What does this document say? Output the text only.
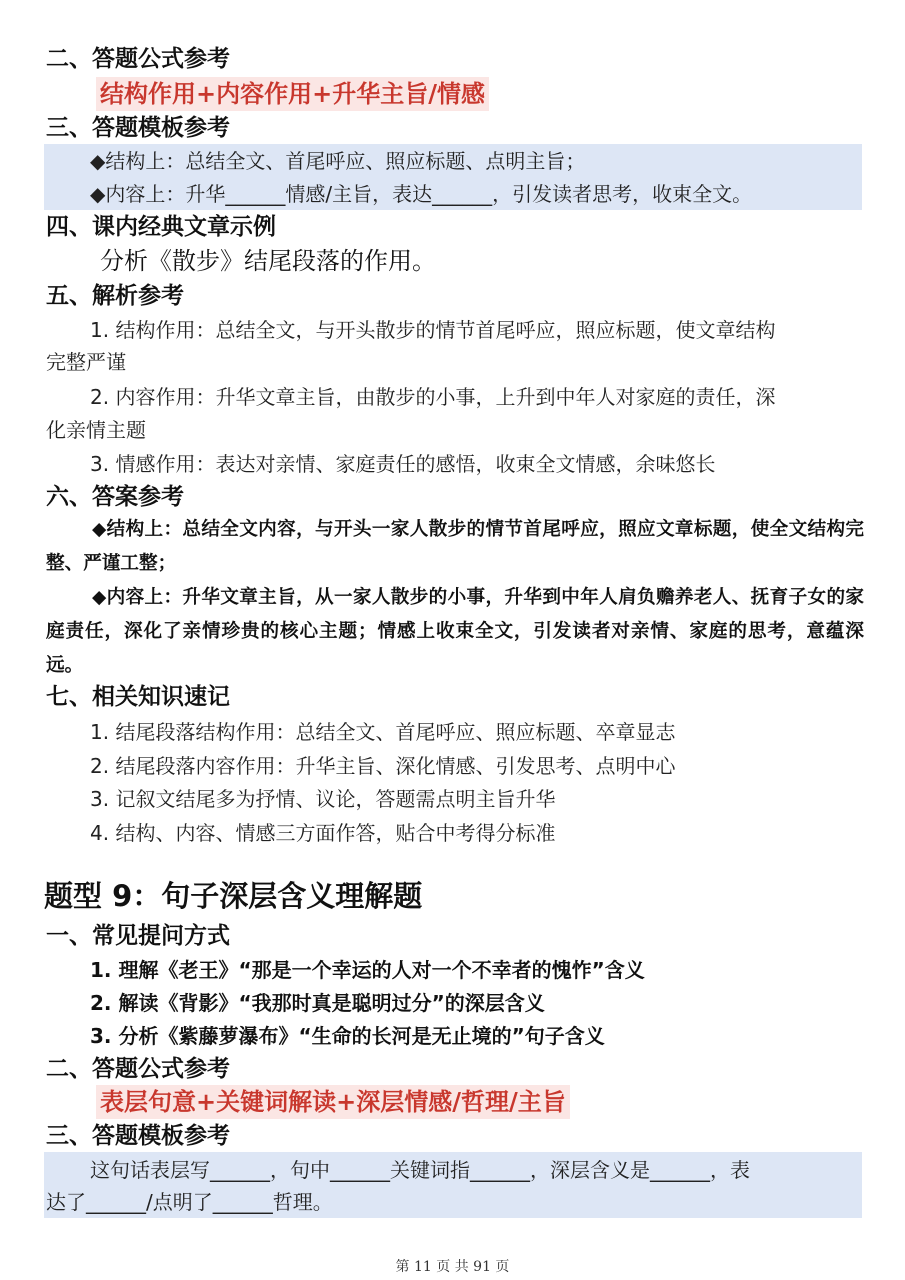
二、答题公式参考
结构作用+内容作用+升华主旨/情感
三、答题模板参考
◆结构上：总结全文、首尾呼应、照应标题、点明主旨；
◆内容上：升华______情感/主旨，表达______，引发读者思考，收束全文。
四、课内经典文章示例
分析《散步》结尾段落的作用。
五、解析参考
1. 结构作用：总结全文，与开头散步的情节首尾呼应，照应标题，使文章结构
完整严谨
2. 内容作用：升华文章主旨，由散步的小事，上升到中年人对家庭的责任，深
化亲情主题
3. 情感作用：表达对亲情、家庭责任的感悟，收束全文情感，余味悠长
六、答案参考
◆结构上：总结全文内容，与开头一家人散步的情节首尾呼应，照应文章标题，使全文结构完整、严谨工整；
◆内容上：升华文章主旨，从一家人散步的小事，升华到中年人肩负赡养老人、抚育子女的家庭责任，深化了亲情珍贵的核心主题；情感上收束全文，引发读者对亲情、家庭的思考，意蕴深远。
七、相关知识速记
1. 结尾段落结构作用：总结全文、首尾呼应、照应标题、卒章显志
2. 结尾段落内容作用：升华主旨、深化情感、引发思考、点明中心
3. 记叙文结尾多为抒情、议论，答题需点明主旨升华
4. 结构、内容、情感三方面作答，贴合中考得分标准
题型 9：句子深层含义理解题
一、常见提问方式
1. 理解《老王》“那是一个幸运的人对一个不幸者的愧怍”含义
2. 解读《背影》“我那时真是聪明过分”的深层含义
3. 分析《紫藤萝瀑布》“生命的长河是无止境的”句子含义
二、答题公式参考
表层句意+关键词解读+深层情感/哲理/主旨
三、答题模板参考
这句话表层写______，句中______关键词指______，深层含义是______，表
达了______/点明了______哲理。
第 11 页 共 91 页
